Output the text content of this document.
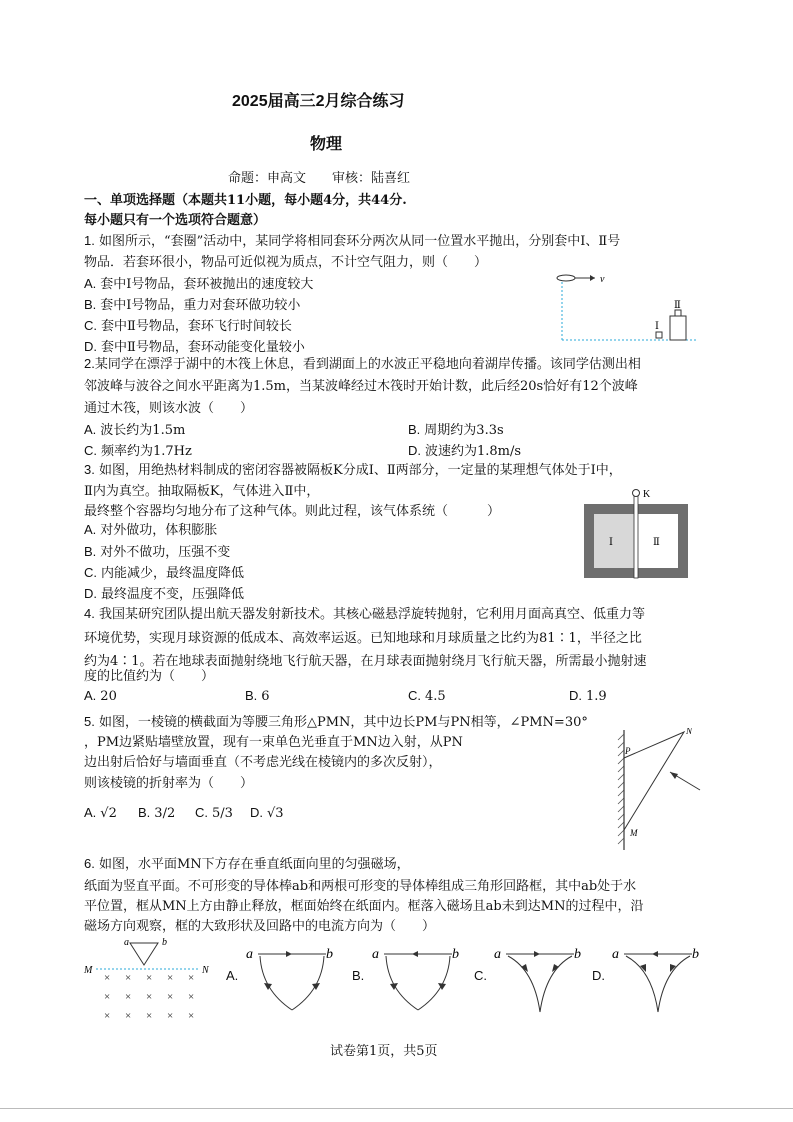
2025届高三2月综合练习
物理
命题：申高文　　审核：陆喜红
一、单项选择题（本题共11小题，每小题4分，共44分.
每小题只有一个选项符合题意）
1. 如图所示，“套圈”活动中，某同学将相同套环分两次从同一位置水平抛出，分别套中Ⅰ、Ⅱ号
物品．若套环很小，物品可近似视为质点，不计空气阻力，则（　　）
A. 套中Ⅰ号物品，套环被抛出的速度较大
B. 套中Ⅰ号物品，重力对套环做功较小
C. 套中Ⅱ号物品，套环飞行时间较长
D. 套中Ⅱ号物品，套环动能变化量较小
v
Ⅰ
Ⅱ
2.某同学在漂浮于湖中的木筏上休息，看到湖面上的水波正平稳地向着湖岸传播。该同学估测出相
邻波峰与波谷之间水平距离为1.5m，当某波峰经过木筏时开始计数，此后经20s恰好有12个波峰
通过木筏，则该水波（　　）
A. 波长约为1.5m	B. 周期约为3.3s
C. 频率约为1.7Hz	D. 波速约为1.8m/s
3. 如图，用绝热材料制成的密闭容器被隔板K分成Ⅰ、Ⅱ两部分，一定量的某理想气体处于Ⅰ中，
Ⅱ内为真空。抽取隔板K，气体进入Ⅱ中，
最终整个容器均匀地分布了这种气体。则此过程，该气体系统（　　　）
A. 对外做功，体积膨胀
B. 对外不做功，压强不变
C. 内能减少，最终温度降低
D. 最终温度不变，压强降低
K
Ⅰ	Ⅱ
4. 我国某研究团队提出航天器发射新技术。其核心磁悬浮旋转抛射，它利用月面高真空、低重力等
环境优势，实现月球资源的低成本、高效率运返。已知地球和月球质量之比约为81∶1，半径之比
约为4∶1。若在地球表面抛射绕地飞行航天器，在月球表面抛射绕月飞行航天器，所需最小抛射速
度的比值约为（　　）
A. 20	B. 6	C. 4.5	D. 1.9
5. 如图，一棱镜的横截面为等腰三角形△PMN，其中边长PM与PN相等，∠PMN=30°
，PM边紧贴墙壁放置，现有一束单色光垂直于MN边入射，从PN
边出射后恰好与墙面垂直（不考虑光线在棱镜内的多次反射），
则该棱镜的折射率为（　　）
A. √2 B. 3/2 C. 5/3 D. √3
P
N
M
6. 如图，水平面MN下方存在垂直纸面向里的匀强磁场，
纸面为竖直平面。不可形变的导体棒ab和两根可形变的导体棒组成三角形回路框，其中ab处于水
平位置，框从MN上方由静止释放，框面始终在纸面内。框落入磁场且ab未到达MN的过程中，沿
磁场方向观察，框的大致形状及回路中的电流方向为（　　）
a	b
M	N
× × × × ×
× × × × ×
× × × × ×
A.
a	b
B.
a	b
C.
a	b
D.
a	b
试卷第1页，共5页
